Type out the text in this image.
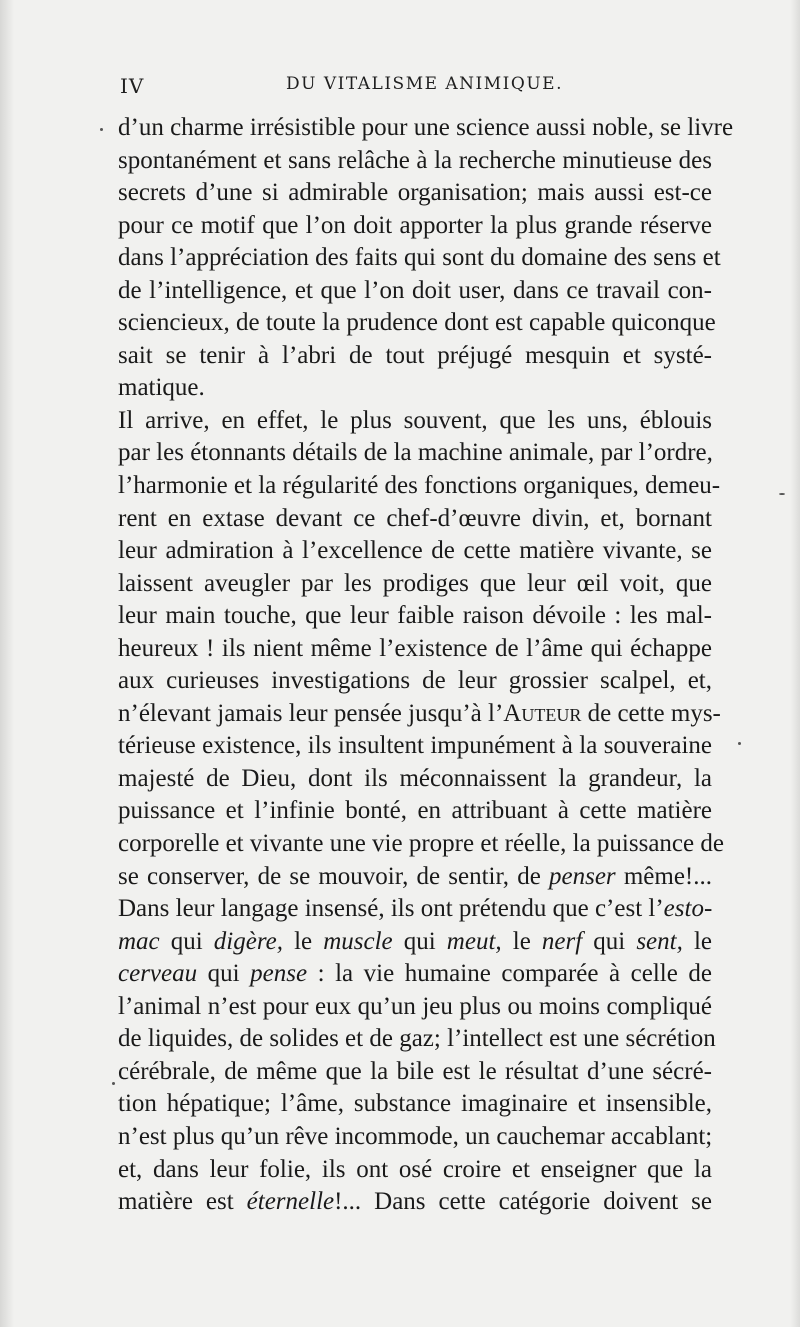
IV	DU VITALISME ANIMIQUE.
d’un charme irrésistible pour une science aussi noble, se livre
spontanément et sans relâche à la recherche minutieuse des
secrets d’une si admirable organisation; mais aussi est-ce
pour ce motif que l’on doit apporter la plus grande réserve
dans l’appréciation des faits qui sont du domaine des sens et
de l’intelligence, et que l’on doit user, dans ce travail con-
sciencieux, de toute la prudence dont est capable quiconque
sait se tenir à l’abri de tout préjugé mesquin et systé-
matique.
Il arrive, en effet, le plus souvent, que les uns, éblouis
par les étonnants détails de la machine animale, par l’ordre,
l’harmonie et la régularité des fonctions organiques, demeu-
rent en extase devant ce chef-d’œuvre divin, et, bornant
leur admiration à l’excellence de cette matière vivante, se
laissent aveugler par les prodiges que leur œil voit, que
leur main touche, que leur faible raison dévoile : les mal-
heureux ! ils nient même l’existence de l’âme qui échappe
aux curieuses investigations de leur grossier scalpel, et,
n’élevant jamais leur pensée jusqu’à l’Auteur de cette mys-
térieuse existence, ils insultent impunément à la souveraine
majesté de Dieu, dont ils méconnaissent la grandeur, la
puissance et l’infinie bonté, en attribuant à cette matière
corporelle et vivante une vie propre et réelle, la puissance de
se conserver, de se mouvoir, de sentir, de penser même!...
Dans leur langage insensé, ils ont prétendu que c’est l’esto-
mac qui digère, le muscle qui meut, le nerf qui sent, le
cerveau qui pense : la vie humaine comparée à celle de
l’animal n’est pour eux qu’un jeu plus ou moins compliqué
de liquides, de solides et de gaz; l’intellect est une sécrétion
cérébrale, de même que la bile est le résultat d’une sécré-
tion hépatique; l’âme, substance imaginaire et insensible,
n’est plus qu’un rêve incommode, un cauchemar accablant;
et, dans leur folie, ils ont osé croire et enseigner que la
matière est éternelle!... Dans cette catégorie doivent se
